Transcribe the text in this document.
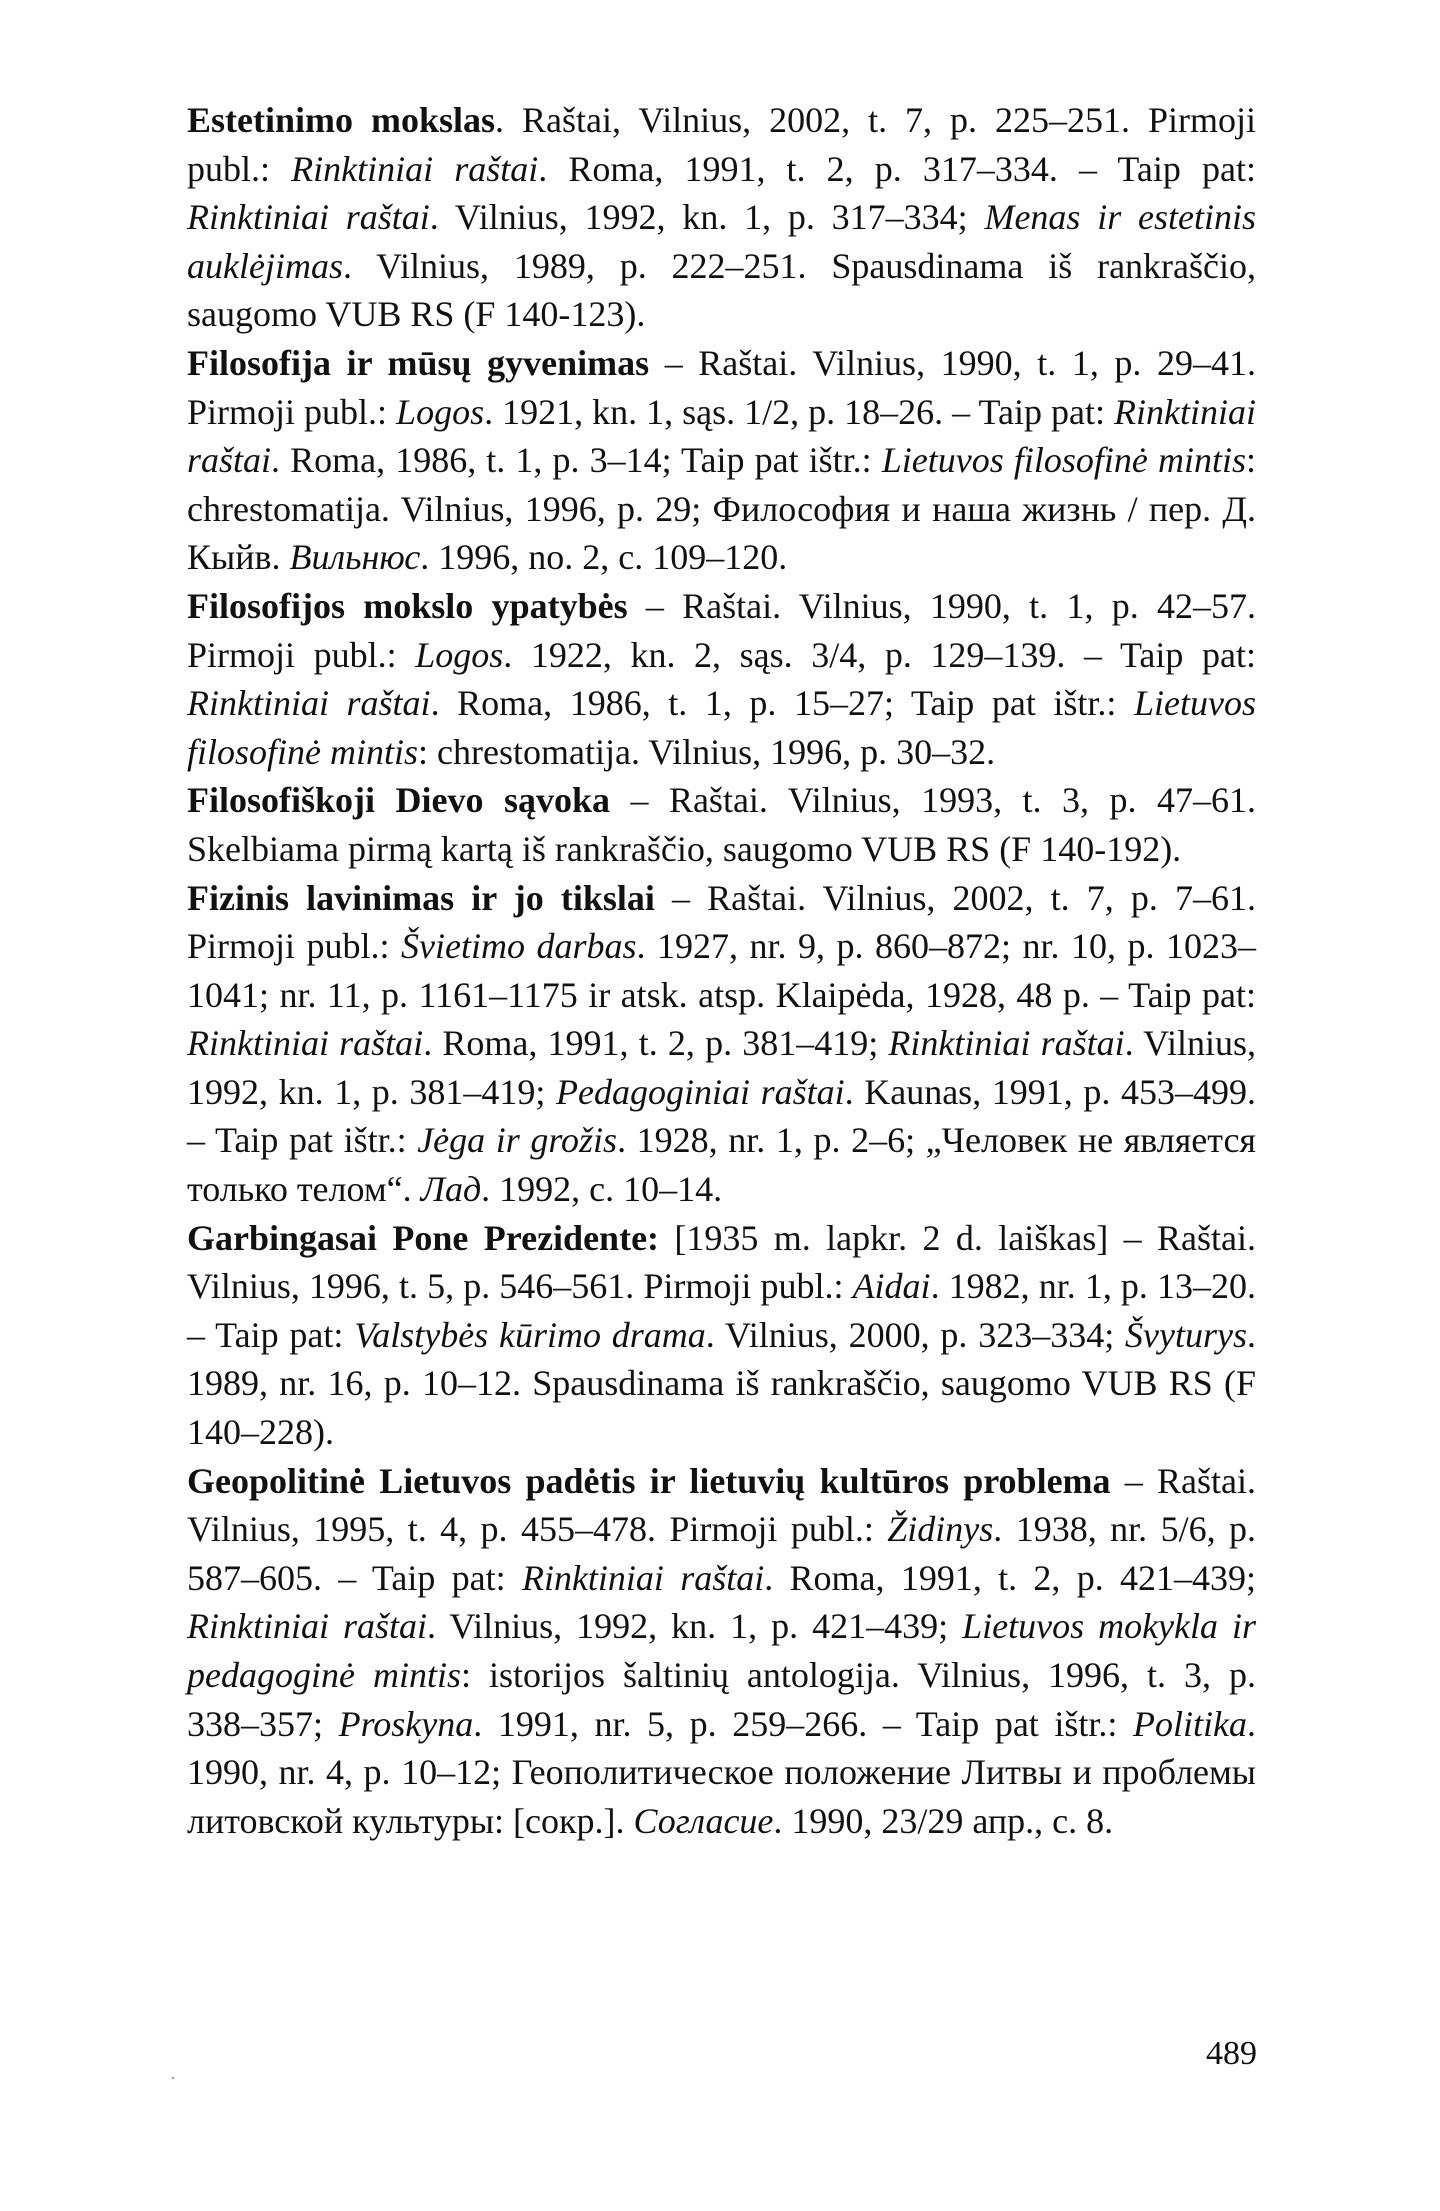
Estetinimo mokslas. Raštai, Vilnius, 2002, t. 7, p. 225–251. Pirmoji publ.: Rinktiniai raštai. Roma, 1991, t. 2, p. 317–334. – Taip pat: Rinktiniai raštai. Vilnius, 1992, kn. 1, p. 317–334; Menas ir estetinis auklėjimas. Vilnius, 1989, p. 222–251. Spausdinama iš rankraščio, saugomo VUB RS (F 140-123).

Filosofija ir mūsų gyvenimas – Raštai. Vilnius, 1990, t. 1, p. 29–41. Pirmoji publ.: Logos. 1921, kn. 1, sąs. 1/2, p. 18–26. – Taip pat: Rinktiniai raštai. Roma, 1986, t. 1, p. 3–14; Taip pat ištr.: Lietuvos filosofinė mintis: chrestomatija. Vilnius, 1996, p. 29; Философия и наша жизнь / пер. Д. Кыйв. Вильнюс. 1996, no. 2, c. 109–120.

Filosofijos mokslo ypatybės – Raštai. Vilnius, 1990, t. 1, p. 42–57. Pirmoji publ.: Logos. 1922, kn. 2, sąs. 3/4, p. 129–139. – Taip pat: Rinktiniai raštai. Roma, 1986, t. 1, p. 15–27; Taip pat ištr.: Lietuvos filosofinė mintis: chrestomatija. Vilnius, 1996, p. 30–32.

Filosofiškoji Dievo sąvoka – Raštai. Vilnius, 1993, t. 3, p. 47–61. Skelbiama pirmą kartą iš rankraščio, saugomo VUB RS (F 140-192).

Fizinis lavinimas ir jo tikslai – Raštai. Vilnius, 2002, t. 7, p. 7–61. Pirmoji publ.: Švietimo darbas. 1927, nr. 9, p. 860–872; nr. 10, p. 1023–1041; nr. 11, p. 1161–1175 ir atsk. atsp. Klaipėda, 1928, 48 p. – Taip pat: Rinktiniai raštai. Roma, 1991, t. 2, p. 381–419; Rinktiniai raštai. Vilnius, 1992, kn. 1, p. 381–419; Pedagoginiai raštai. Kaunas, 1991, p. 453–499. – Taip pat ištr.: Jėga ir grožis. 1928, nr. 1, p. 2–6; „Человек не является только телом“. Лад. 1992, c. 10–14.

Garbingasai Pone Prezidente: [1935 m. lapkr. 2 d. laiškas] – Raštai. Vilnius, 1996, t. 5, p. 546–561. Pirmoji publ.: Aidai. 1982, nr. 1, p. 13–20. – Taip pat: Valstybės kūrimo drama. Vilnius, 2000, p. 323–334; Švyturys. 1989, nr. 16, p. 10–12. Spausdinama iš rankraščio, saugomo VUB RS (F 140–228).

Geopolitinė Lietuvos padėtis ir lietuvių kultūros problema – Raštai. Vilnius, 1995, t. 4, p. 455–478. Pirmoji publ.: Židinys. 1938, nr. 5/6, p. 587–605. – Taip pat: Rinktiniai raštai. Roma, 1991, t. 2, p. 421–439; Rinktiniai raštai. Vilnius, 1992, kn. 1, p. 421–439; Lietuvos mokykla ir pedagoginė mintis: istorijos šaltinių antologija. Vilnius, 1996, t. 3, p. 338–357; Proskyna. 1991, nr. 5, p. 259–266. – Taip pat ištr.: Politika. 1990, nr. 4, p. 10–12; Геополитическое положение Литвы и проблемы литовской культуры: [сокр.]. Согласие. 1990, 23/29 апр., c. 8.

489
